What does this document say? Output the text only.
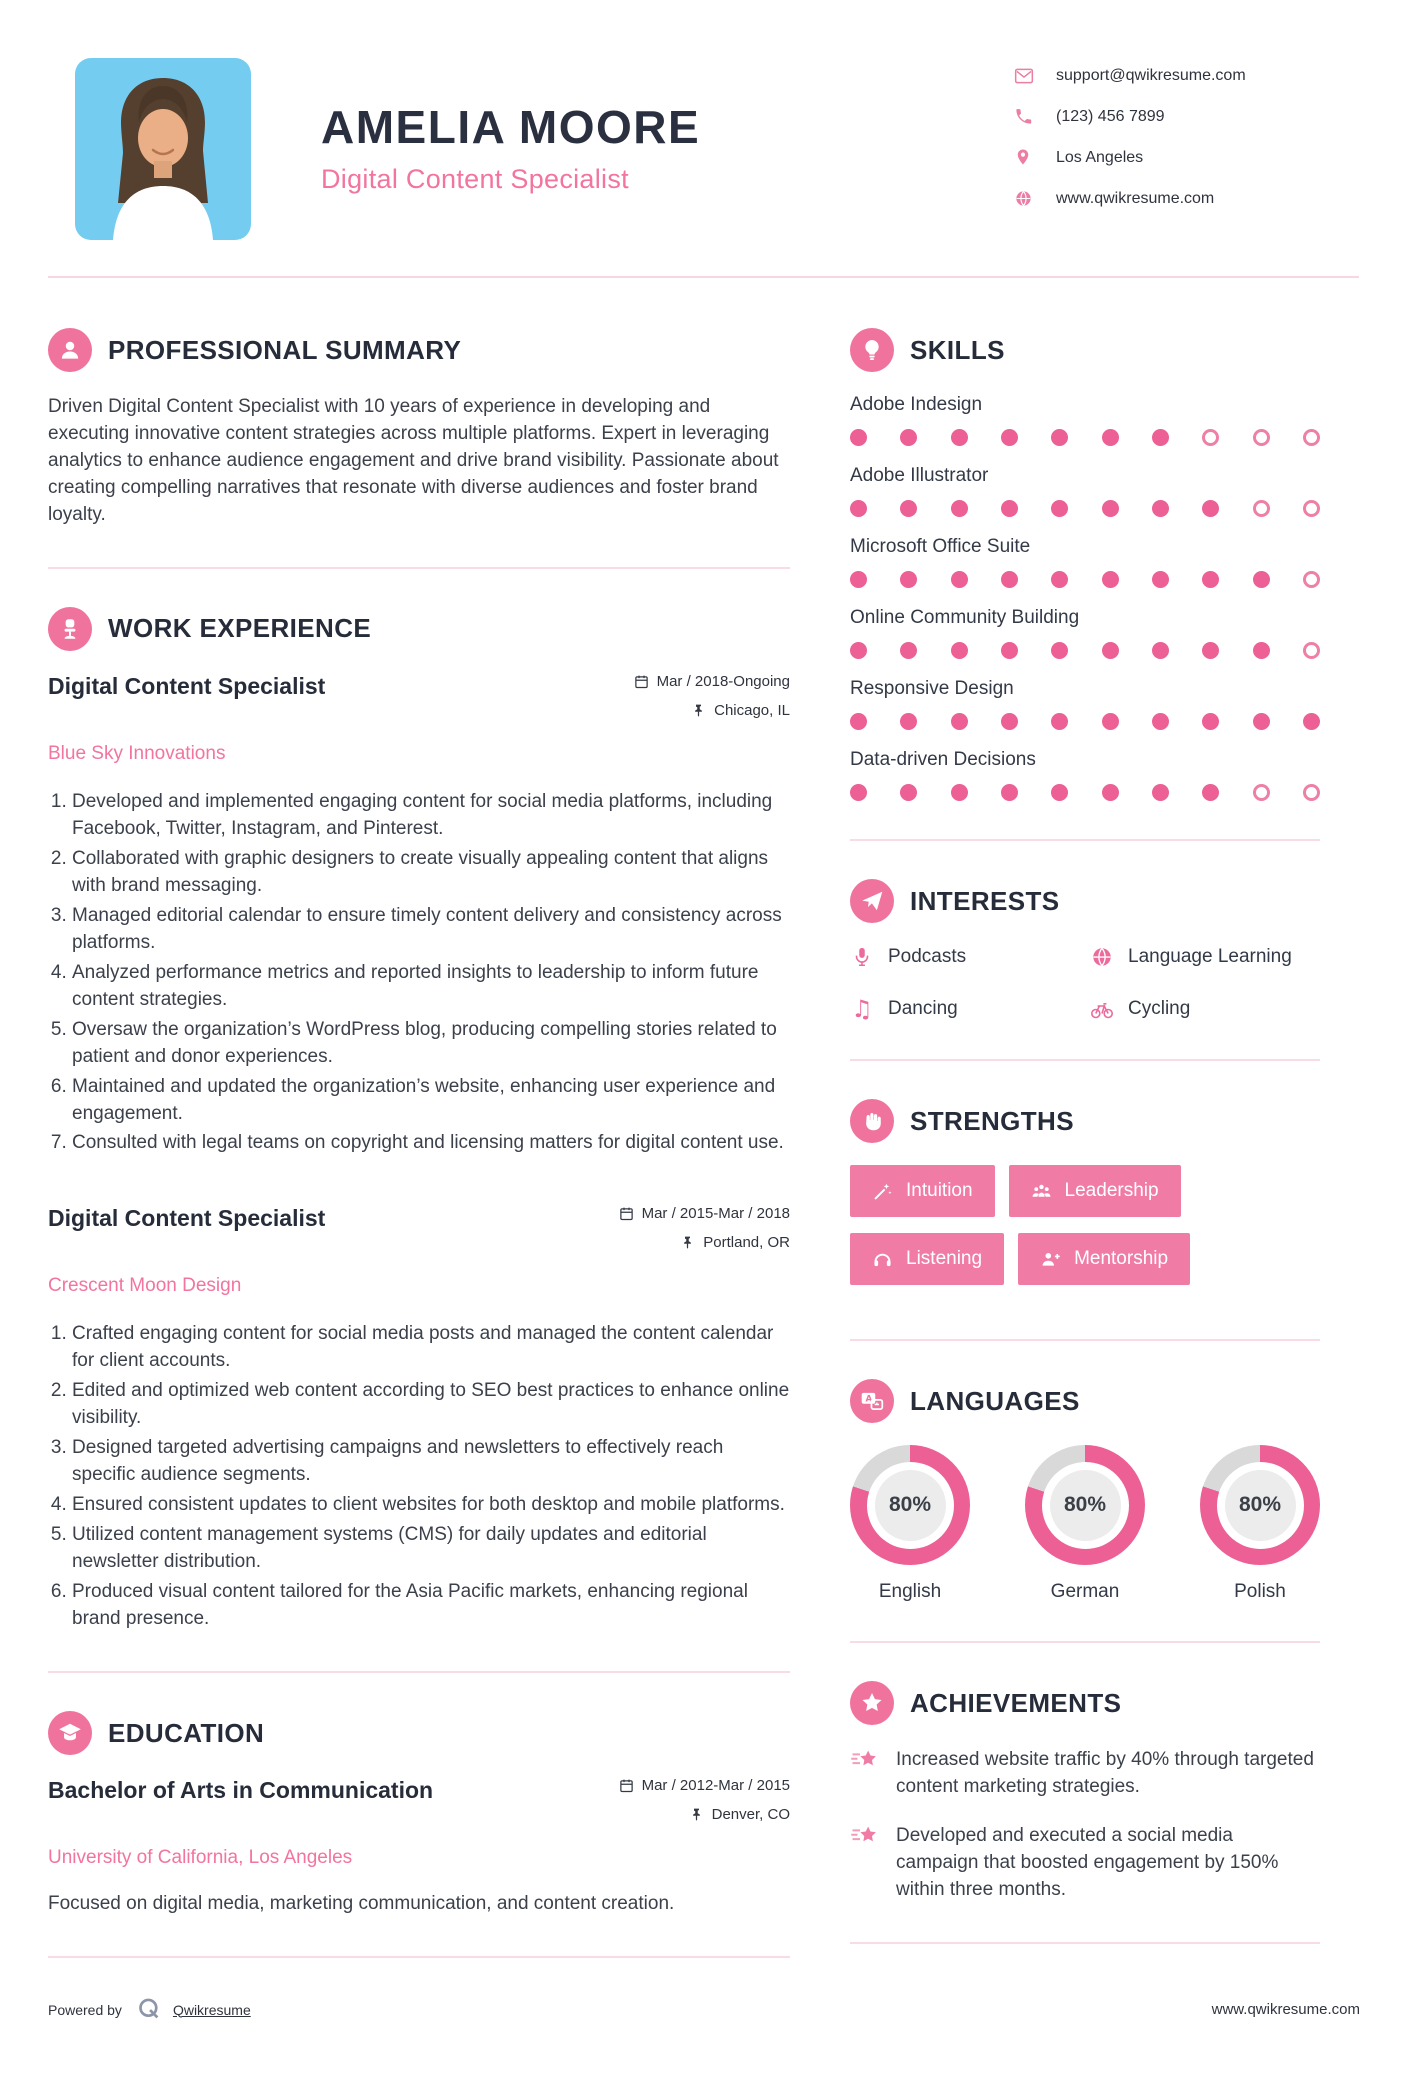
AMELIA MOORE
Digital Content Specialist
support@qwikresume.com
(123) 456 7899
Los Angeles
www.qwikresume.com
PROFESSIONAL SUMMARY

Driven Digital Content Specialist with 10 years of experience in developing and executing innovative content strategies across multiple platforms. Expert in leveraging analytics to enhance audience engagement and drive brand visibility. Passionate about creating compelling narratives that resonate with diverse audiences and foster brand loyalty.

WORK EXPERIENCE
Digital Content Specialist	Mar / 2018-Ongoing
Chicago, IL
Blue Sky Innovations
1. Developed and implemented engaging content for social media platforms, including Facebook, Twitter, Instagram, and Pinterest.
2. Collaborated with graphic designers to create visually appealing content that aligns with brand messaging.
3. Managed editorial calendar to ensure timely content delivery and consistency across platforms.
4. Analyzed performance metrics and reported insights to leadership to inform future content strategies.
5. Oversaw the organization’s WordPress blog, producing compelling stories related to patient and donor experiences.
6. Maintained and updated the organization’s website, enhancing user experience and engagement.
7. Consulted with legal teams on copyright and licensing matters for digital content use.
Digital Content Specialist	Mar / 2015-Mar / 2018
Portland, OR
Crescent Moon Design
1. Crafted engaging content for social media posts and managed the content calendar for client accounts.
2. Edited and optimized web content according to SEO best practices to enhance online visibility.
3. Designed targeted advertising campaigns and newsletters to effectively reach specific audience segments.
4. Ensured consistent updates to client websites for both desktop and mobile platforms.
5. Utilized content management systems (CMS) for daily updates and editorial newsletter distribution.
6. Produced visual content tailored for the Asia Pacific markets, enhancing regional brand presence.
EDUCATION
Bachelor of Arts in Communication	Mar / 2012-Mar / 2015
Denver, CO
University of California, Los Angeles

Focused on digital media, marketing communication, and content creation.

SKILLS
Adobe Indesign
Adobe Illustrator
Microsoft Office Suite
Online Community Building
Responsive Design
Data-driven Decisions
INTERESTS
Podcasts	Language Learning
♫ Dancing	Cycling
STRENGTHS
Intuition	Leadership
Listening	Mentorship
A LANGUAGES
80%
English
80%
German
80%
Polish
ACHIEVEMENTS
Increased website traffic by 40% through targeted content marketing strategies.
Developed and executed a social media campaign that boosted engagement by 150% within three months.
Powered by	Qwikresume	www.qwikresume.com
